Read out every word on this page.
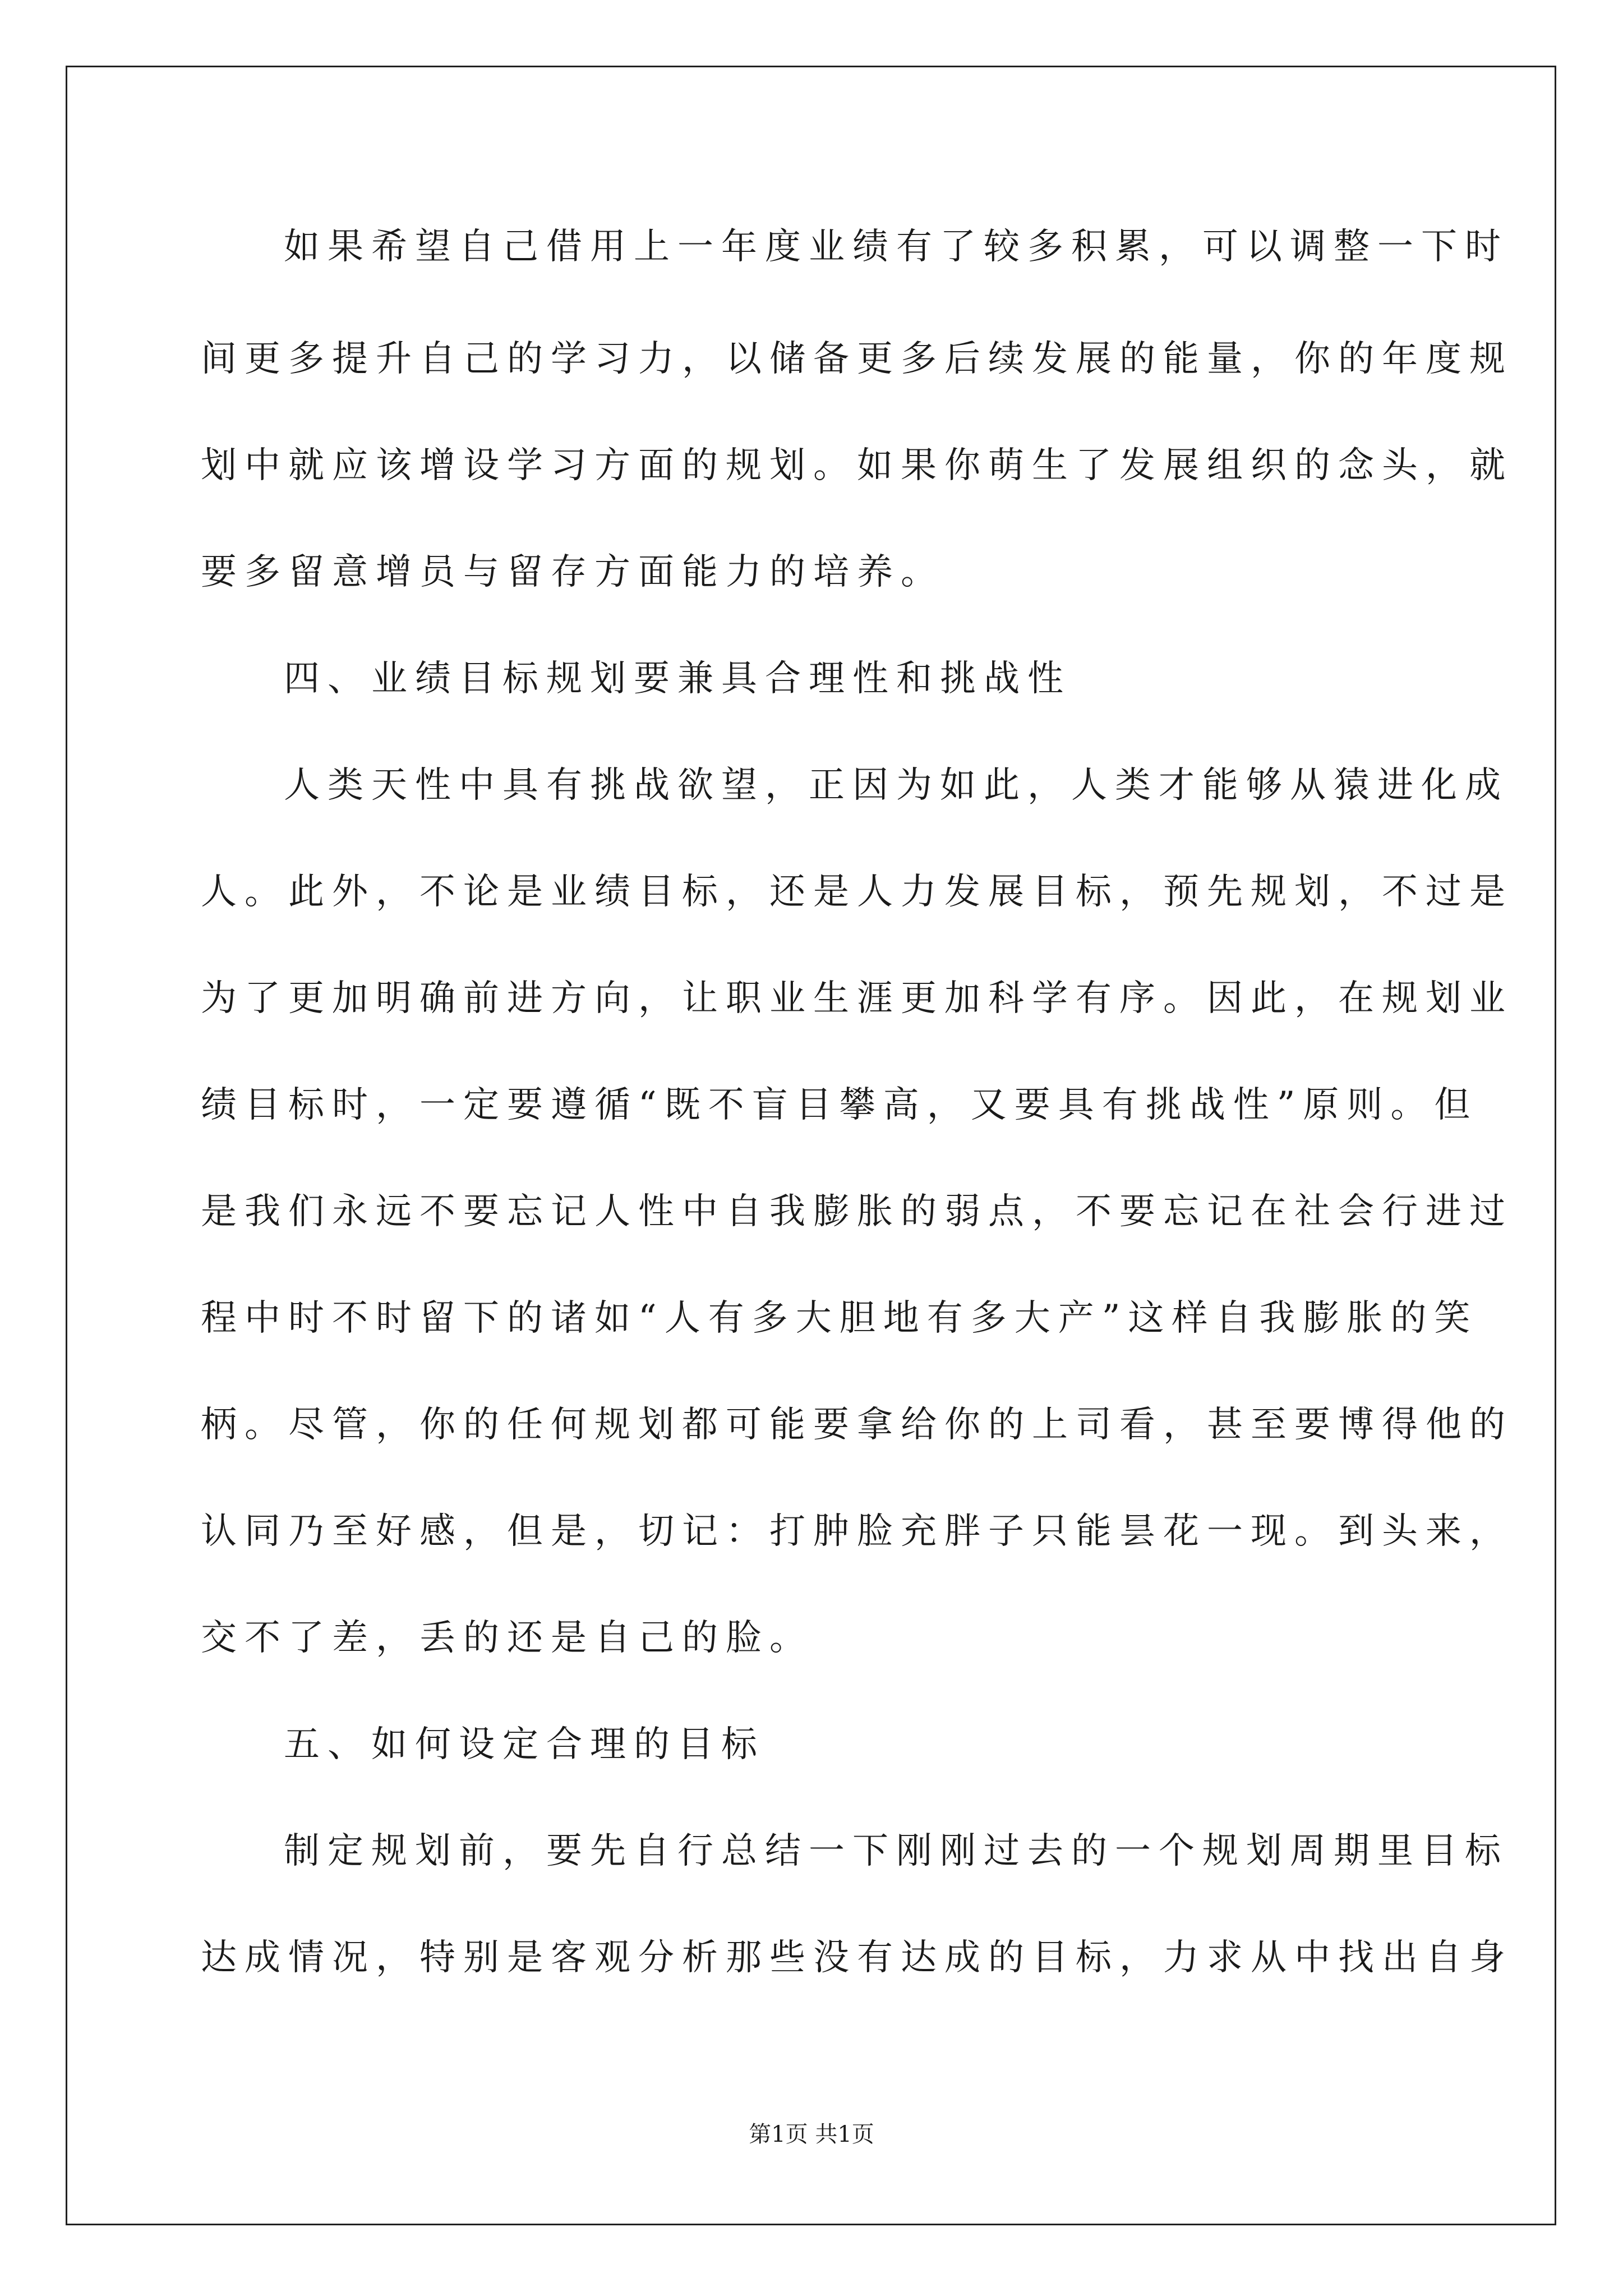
如果希望自己借用上一年度业绩有了较多积累，可以调整一下时
间更多提升自己的学习力，以储备更多后续发展的能量，你的年度规
划中就应该增设学习方面的规划。如果你萌生了发展组织的念头，就
要多留意增员与留存方面能力的培养。
四、业绩目标规划要兼具合理性和挑战性
人类天性中具有挑战欲望，正因为如此，人类才能够从猿进化成
人。此外，不论是业绩目标，还是人力发展目标，预先规划，不过是
为了更加明确前进方向，让职业生涯更加科学有序。因此，在规划业
绩目标时，一定要遵循“既不盲目攀高，又要具有挑战性”原则。但
是我们永远不要忘记人性中自我膨胀的弱点，不要忘记在社会行进过
程中时不时留下的诸如“人有多大胆地有多大产”这样自我膨胀的笑
柄。尽管，你的任何规划都可能要拿给你的上司看，甚至要博得他的
认同乃至好感，但是，切记：打肿脸充胖子只能昙花一现。到头来，
交不了差，丢的还是自己的脸。
五、如何设定合理的目标
制定规划前，要先自行总结一下刚刚过去的一个规划周期里目标
达成情况，特别是客观分析那些没有达成的目标，力求从中找出自身
第1页 共1页
